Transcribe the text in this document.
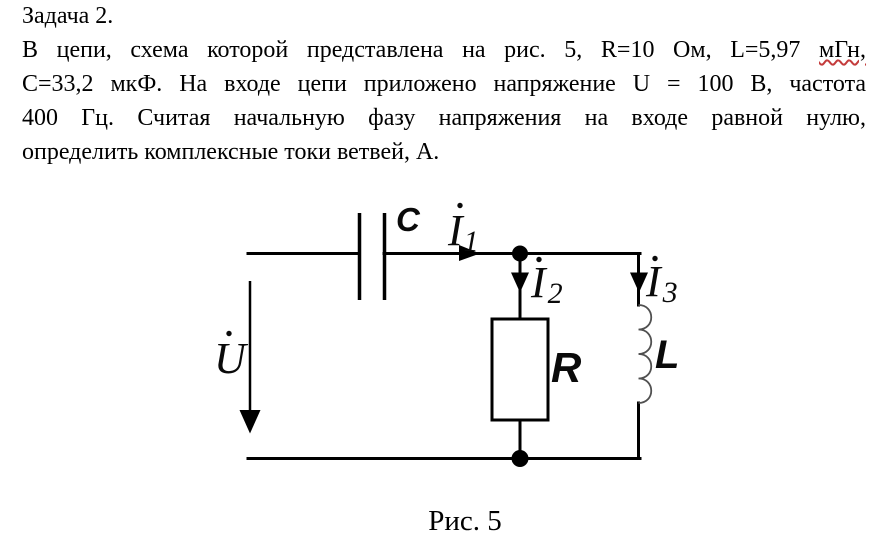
Задача 2.
В цепи, схема которой представлена на рис. 5, R=10 Ом, L=5,97 мГн,
С=33,2 мкФ. На входе цепи приложено напряжение U = 100 В, частота
400 Гц. Считая начальную фазу напряжения на входе равной нулю,
определить комплексные токи ветвей, А.
C
R L
U
I1
I2 I3
Рис. 5
